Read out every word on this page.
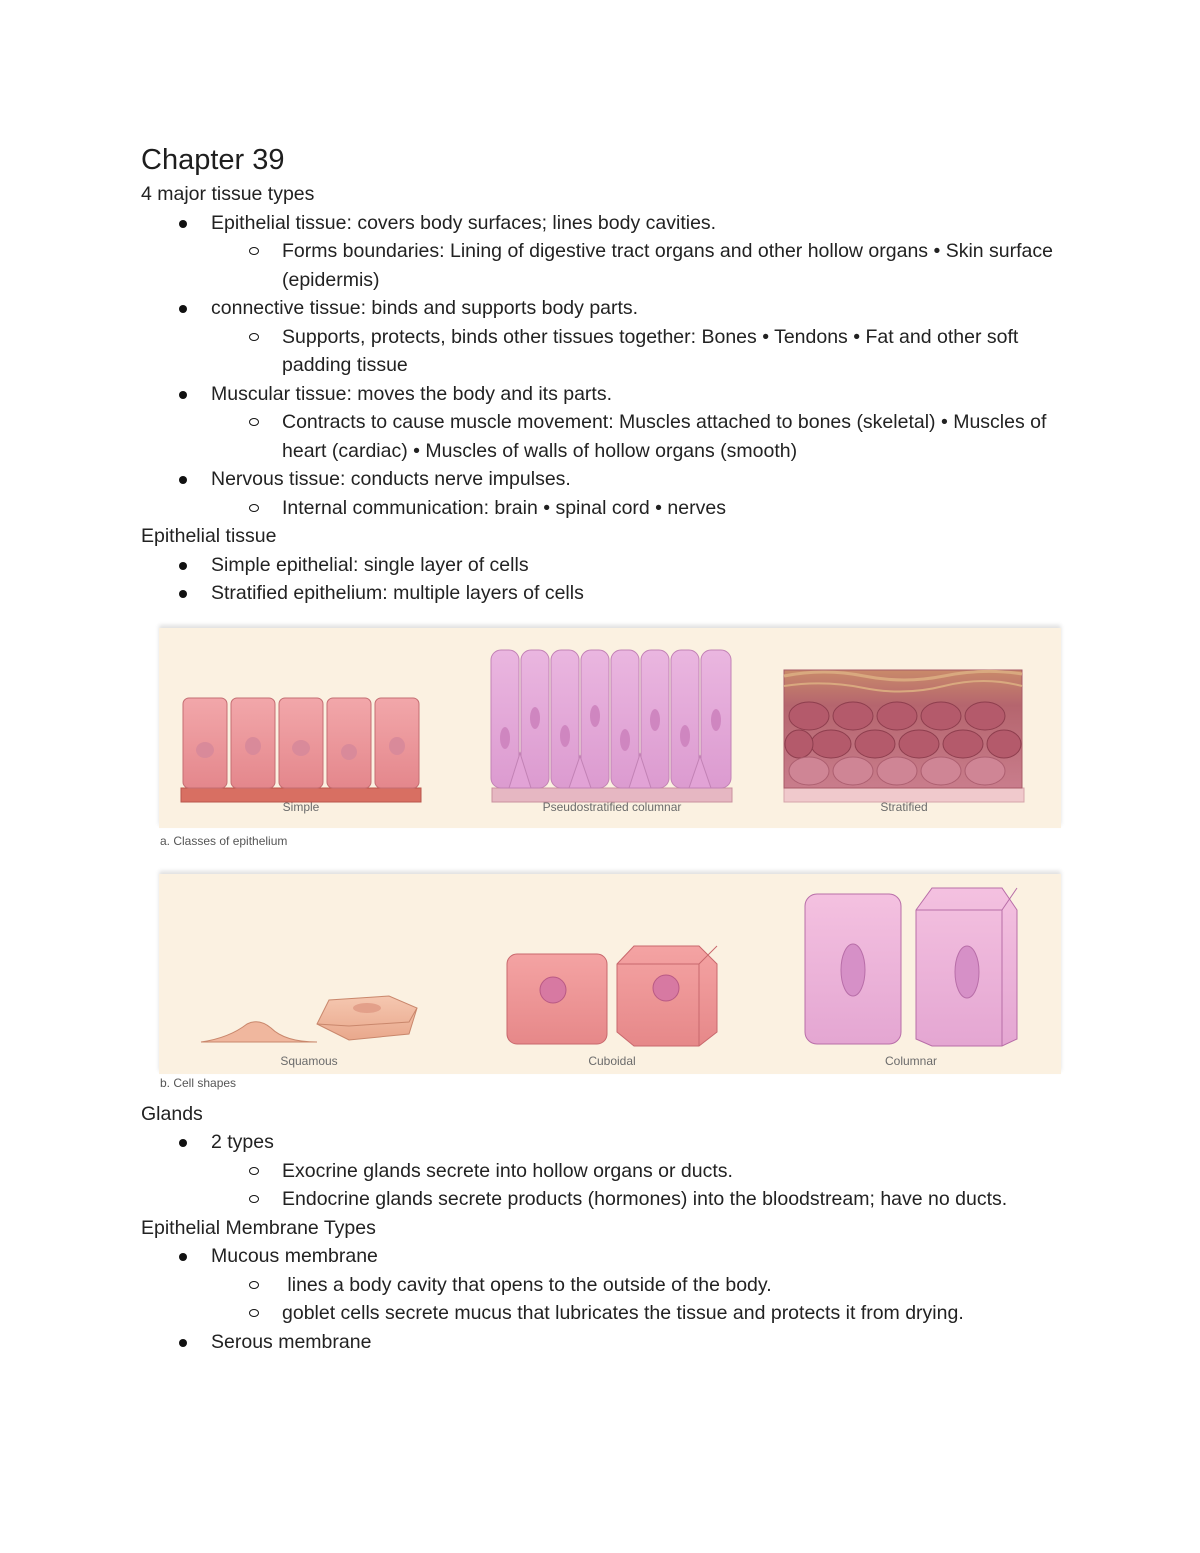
Chapter 39

4 major tissue types

Epithelial tissue: covers body surfaces; lines body cavities.
Forms boundaries: Lining of digestive tract organs and other hollow organs • Skin surface (epidermis)
connective tissue: binds and supports body parts.
Supports, protects, binds other tissues together: Bones • Tendons • Fat and other soft padding tissue
Muscular tissue: moves the body and its parts.
Contracts to cause muscle movement: Muscles attached to bones (skeletal) • Muscles of heart (cardiac) • Muscles of walls of hollow organs (smooth)
Nervous tissue: conducts nerve impulses.
Internal communication: brain • spinal cord • nerves

Epithelial tissue

Simple epithelial: single layer of cells
Stratified epithelium: multiple layers of cells
Simple	Pseudostratified columnar	Stratified
a. Classes of epithelium
Squamous	Cuboidal	Columnar
b. Cell shapes

Glands

2 types
Exocrine glands secrete into hollow organs or ducts.
Endocrine glands secrete products (hormones) into the bloodstream; have no ducts.

Epithelial Membrane Types

Mucous membrane
lines a body cavity that opens to the outside of the body.
goblet cells secrete mucus that lubricates the tissue and protects it from drying.
Serous membrane
